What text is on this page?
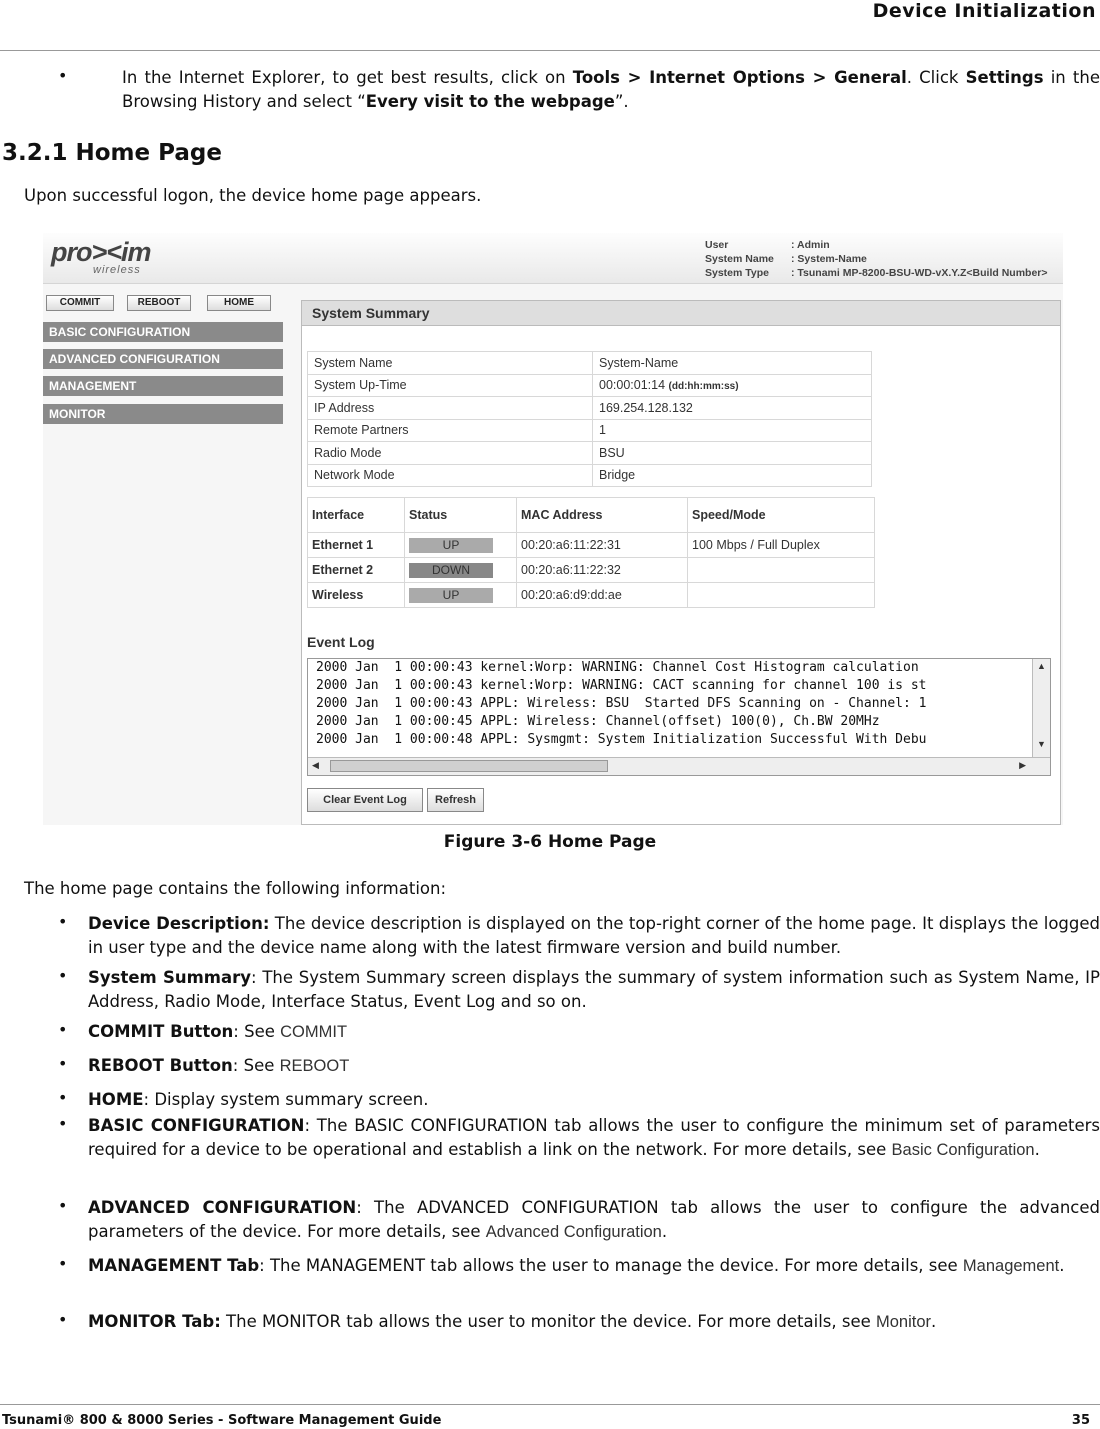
Device Initialization
•	In the Internet Explorer, to get best results, click on Tools > Internet Options > General. Click Settings in the Browsing History and select “Every visit to the webpage”.
3.2.1 Home Page
Upon successful logon, the device home page appears.
pro><im
wireless
User	: Admin
System Name : System-Name
System Type : Tsunami MP-8200-BSU-WD-vX.Y.Z<Build Number>
COMMIT	REBOOT	HOME
BASIC CONFIGURATION
ADVANCED CONFIGURATION
MANAGEMENT
MONITOR
System Summary
System Name	System-Name
System Up-Time	00:00:01:14 (dd:hh:mm:ss)
IP Address	169.254.128.132
Remote Partners	1
Radio Mode	BSU
Network Mode	Bridge
Interface	Status	MAC Address	Speed/Mode
Ethernet 1	UP	00:20:a6:11:22:31	100 Mbps / Full Duplex
Ethernet 2	DOWN	00:20:a6:11:22:32	
Wireless	UP	00:20:a6:d9:dd:ae	
Event Log
2000 Jan  1 00:00:43 kernel:Worp: WARNING: Channel Cost Histogram calculation
2000 Jan  1 00:00:43 kernel:Worp: WARNING: CACT scanning for channel 100 is st
2000 Jan  1 00:00:43 APPL: Wireless: BSU  Started DFS Scanning on - Channel: 1
2000 Jan  1 00:00:45 APPL: Wireless: Channel(offset) 100(0), Ch.BW 20MHz
2000 Jan  1 00:00:48 APPL: Sysmgmt: System Initialization Successful With Debu
▲
▼
◀	▶
Clear Event Log	Refresh
Figure 3-6 Home Page
The home page contains the following information:
• Device Description: The device description is displayed on the top-right corner of the home page. It displays the logged in user type and the device name along with the latest firmware version and build number.
• System Summary: The System Summary screen displays the summary of system information such as System Name, IP Address, Radio Mode, Interface Status, Event Log and so on.
• COMMIT Button: See COMMIT
• REBOOT Button: See REBOOT
• HOME: Display system summary screen.
• BASIC CONFIGURATION: The BASIC CONFIGURATION tab allows the user to configure the minimum set of parameters required for a device to be operational and establish a link on the network. For more details, see Basic Configuration.
• ADVANCED CONFIGURATION: The ADVANCED CONFIGURATION tab allows the user to configure the advanced parameters of the device. For more details, see Advanced Configuration.
• MANAGEMENT Tab: The MANAGEMENT tab allows the user to manage the device. For more details, see Management.
• MONITOR Tab: The MONITOR tab allows the user to monitor the device. For more details, see Monitor.
Tsunami® 800 & 8000 Series - Software Management Guide	35
